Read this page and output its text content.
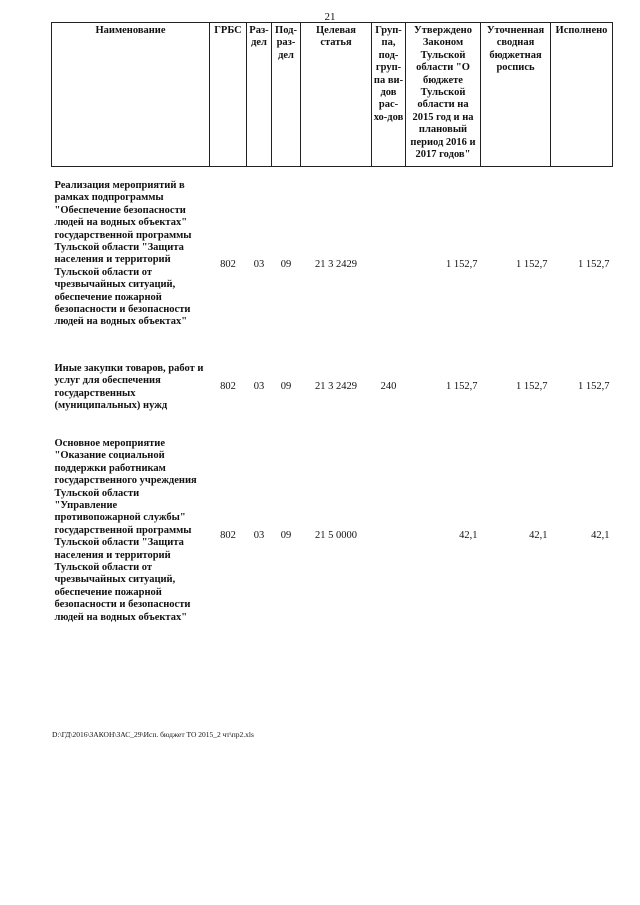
21
Наименование	ГРБС	Раз-дел	Под-раз-дел	Целевая статья	Груп-па, под-груп-па ви-дов рас-хо-дов	Утверждено Законом Тульской области "О бюджете Тульской области на 2015 год и на плановый период 2016 и 2017 годов"	Уточненная сводная бюджетная роспись	Исполнено
Реализация мероприятий в рамках подпрограммы "Обеспечение безопасности людей на водных объектах" государственной программы Тульской области "Защита населения и территорий Тульской области от чрезвычайных ситуаций, обеспечение пожарной безопасности и безопасности людей на водных объектах"	802	03	09	21 3 2429		1 152,7	1 152,7	1 152,7
Иные закупки товаров, работ и услуг для обеспечения государственных (муниципальных) нужд	802	03	09	21 3 2429	240	1 152,7	1 152,7	1 152,7
Основное мероприятие "Оказание социальной поддержки работникам государственного учреждения Тульской области "Управление противопожарной службы" государственной программы Тульской области "Защита населения и территорий Тульской области от чрезвычайных ситуаций, обеспечение пожарной безопасности и безопасности людей на водных объектах"	802	03	09	21 5 0000		42,1	42,1	42,1
D:\ГД\2016\ЗАКОН\ЗАС_29\Исп. бюджет ТО 2015_2 чт\пр2.xls
